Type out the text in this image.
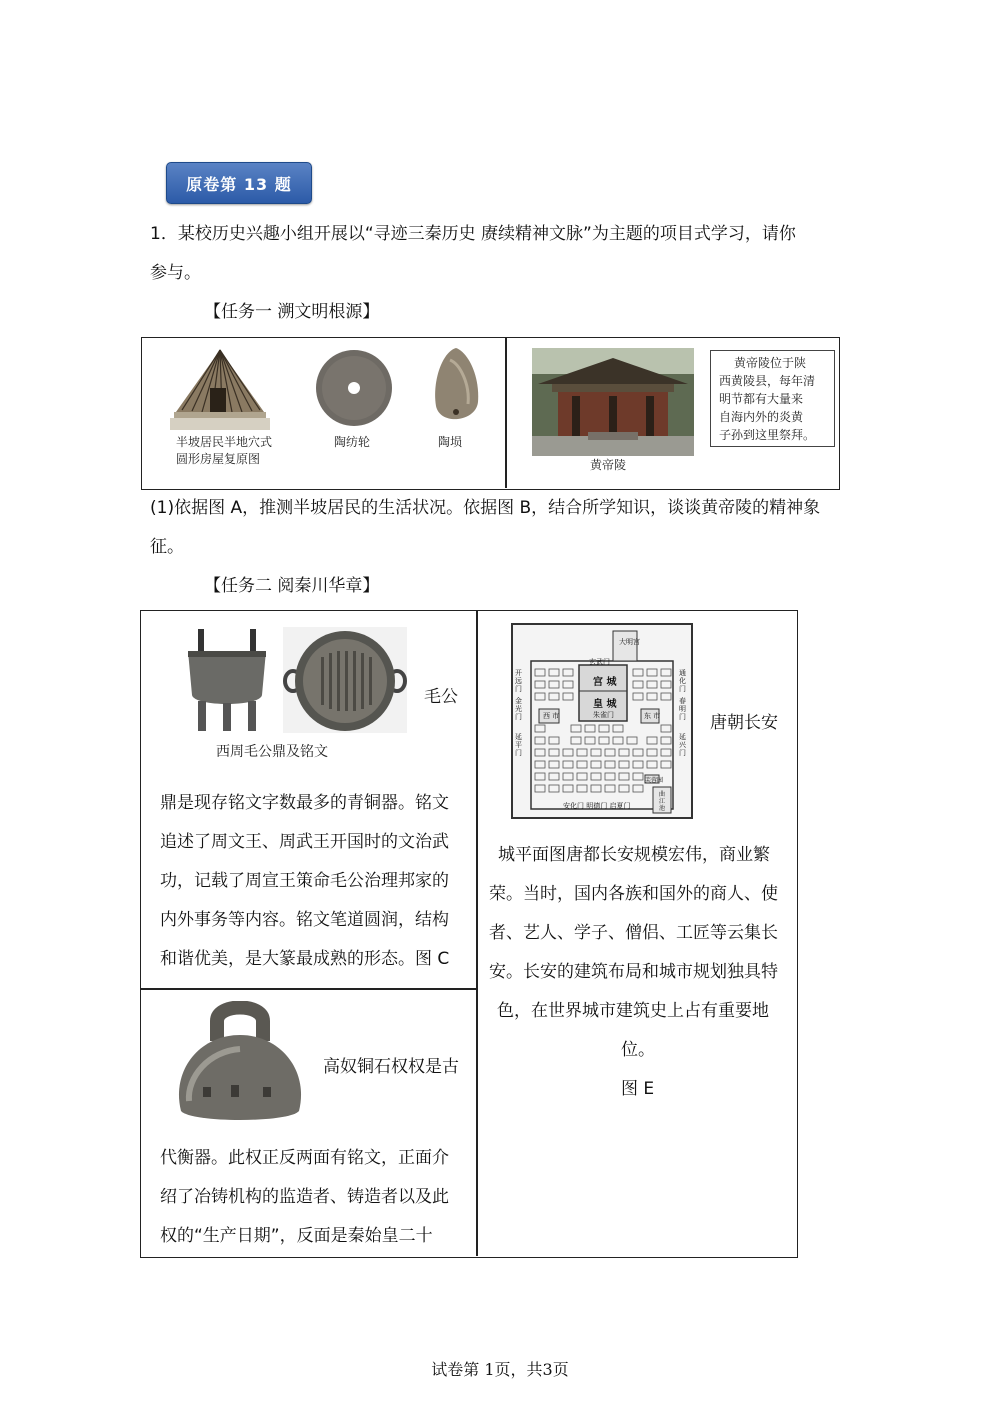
原卷第 13 题
1．某校历史兴趣小组开展以“寻迹三秦历史 赓续精神文脉”为主题的项目式学习，请你
参与。
【任务一 溯文明根源】
半坡居民半地穴式
圆形房屋复原图
陶纺轮	陶埙
黄帝陵
黄帝陵位于陕
西黄陵县，每年清
明节都有大量来
自海内外的炎黄
子孙到这里祭拜。
(1)依据图 A，推测半坡居民的生活状况。依据图 B，结合所学知识，谈谈黄帝陵的精神象
征。
【任务二 阅秦川华章】
毛公
西周毛公鼎及铭文
鼎是现存铭文字数最多的青铜器。铭文
追述了周文王、周武王开国时的文治武
功，记载了周宣王策命毛公治理邦家的
内外事务等内容。铭文笔道圆润，结构
和谐优美，是大篆最成熟的形态。图 C
高奴铜石权权是古
代衡器。此权正反两面有铭文，正面介
绍了冶铸机构的监造者、铸造者以及此
权的“生产日期”，反面是秦始皇二十
大明宫
玄武门
宫 城
皇 城
朱雀门
西 市	东 市
开远门
金光门
延平门
通化门
春明门
延兴门
芙蓉园
曲江池
安化门 明德门 启夏门
唐朝长安
城平面图唐都长安规模宏伟，商业繁
荣。当时，国内各族和国外的商人、使
者、艺人、学子、僧侣、工匠等云集长
安。长安的建筑布局和城市规划独具特
色，在世界城市建筑史上占有重要地
位。
图 E
试卷第 1页，共3页
